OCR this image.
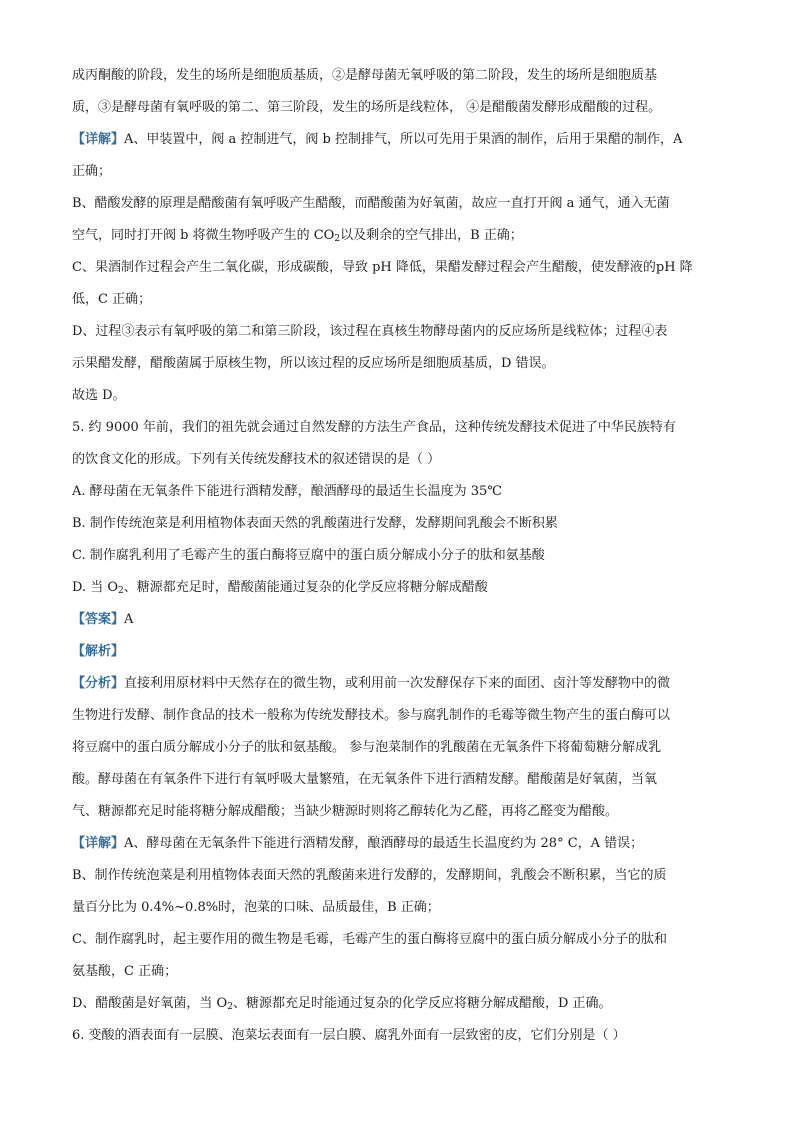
成丙酮酸的阶段，发生的场所是细胞质基质，②是酵母菌无氧呼吸的第二阶段，发生的场所是细胞质基
质，③是酵母菌有氧呼吸的第二、第三阶段，发生的场所是线粒体， ④是醋酸菌发酵形成醋酸的过程。
【详解】A、甲装置中，阀 a 控制进气，阀 b 控制排气，所以可先用于果酒的制作，后用于果醋的制作，A
正确；
B、醋酸发酵的原理是醋酸菌有氧呼吸产生醋酸，而醋酸菌为好氧菌，故应一直打开阀 a 通气，通入无菌
空气，同时打开阀 b 将微生物呼吸产生的 $CO_2$以及剩余的空气排出，B 正确；
C、果酒制作过程会产生二氧化碳，形成碳酸，导致 pH 降低，果醋发酵过程会产生醋酸，使发酵液的pH 降
低，C 正确；
D、过程③表示有氧呼吸的第二和第三阶段，该过程在真核生物酵母菌内的反应场所是线粒体；过程④表
示果醋发酵，醋酸菌属于原核生物，所以该过程的反应场所是细胞质基质，D 错误。
故选 D。
5. 约 9000 年前，我们的祖先就会通过自然发酵的方法生产食品，这种传统发酵技术促进了中华民族特有
的饮食文化的形成。下列有关传统发酵技术的叙述错误的是（ ）
A. 酵母菌在无氧条件下能进行酒精发酵，酿酒酵母的最适生长温度为 35℃
B. 制作传统泡菜是利用植物体表面天然的乳酸菌进行发酵，发酵期间乳酸会不断积累
C. 制作腐乳利用了毛霉产生的蛋白酶将豆腐中的蛋白质分解成小分子的肽和氨基酸
D. 当 $O_2$、糖源都充足时，醋酸菌能通过复杂的化学反应将糖分解成醋酸
【答案】A
【解析】
【分析】直接利用原材料中天然存在的微生物，或利用前一次发酵保存下来的面团、卤汁等发酵物中的微
生物进行发酵、制作食品的技术一般称为传统发酵技术。参与腐乳制作的毛霉等微生物产生的蛋白酶可以
将豆腐中的蛋白质分解成小分子的肽和氨基酸。 参与泡菜制作的乳酸菌在无氧条件下将葡萄糖分解成乳
酸。酵母菌在有氧条件下进行有氧呼吸大量繁殖，在无氧条件下进行酒精发酵。醋酸菌是好氧菌，当氧
气、糖源都充足时能将糖分解成醋酸；当缺少糖源时则将乙醇转化为乙醛，再将乙醛变为醋酸。
【详解】A、酵母菌在无氧条件下能进行酒精发酵，酿酒酵母的最适生长温度约为 28° C，A 错误；
B、制作传统泡菜是利用植物体表面天然的乳酸菌来进行发酵的，发酵期间，乳酸会不断积累，当它的质
量百分比为 0.4%~0.8%时，泡菜的口味、品质最佳，B 正确；
C、制作腐乳时，起主要作用的微生物是毛霉，毛霉产生的蛋白酶将豆腐中的蛋白质分解成小分子的肽和
氨基酸，C 正确；
D、醋酸菌是好氧菌，当 $O_2$、糖源都充足时能通过复杂的化学反应将糖分解成醋酸，D 正确。
6. 变酸的酒表面有一层膜、泡菜坛表面有一层白膜、腐乳外面有一层致密的皮，它们分别是（ ）
